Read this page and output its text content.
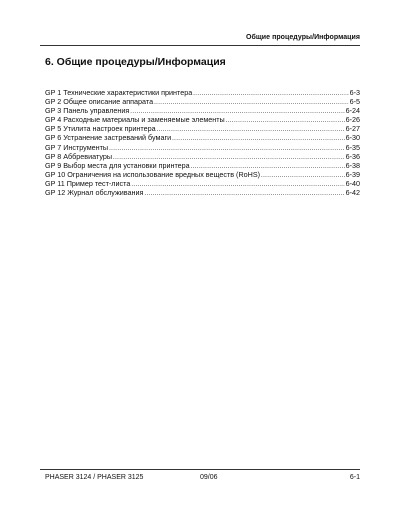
Общие процедуры/Информация
6. Общие процедуры/Информация
GP 1 Технические характеристики принтера .....	6-3
GP 2 Общее описание аппарата .....	6-5
GP 3 Панель управления .....	6-24
GP 4 Расходные материалы и заменяемые элементы .....	6-26
GP 5 Утилита настроек принтера .....	6-27
GP 6 Устранение застреваний бумаги .....	6-30
GP 7 Инструменты .....	6-35
GP 8 Аббревиатуры .....	6-36
GP 9 Выбор места для установки принтера .....	6-38
GP 10 Ограничения на использование вредных веществ (RoHS) .....	6-39
GP 11 Пример тест-листа .....	6-40
GP 12 Журнал обслуживания .....	6-42
PHASER 3124 / PHASER 3125	09/06	6-1
